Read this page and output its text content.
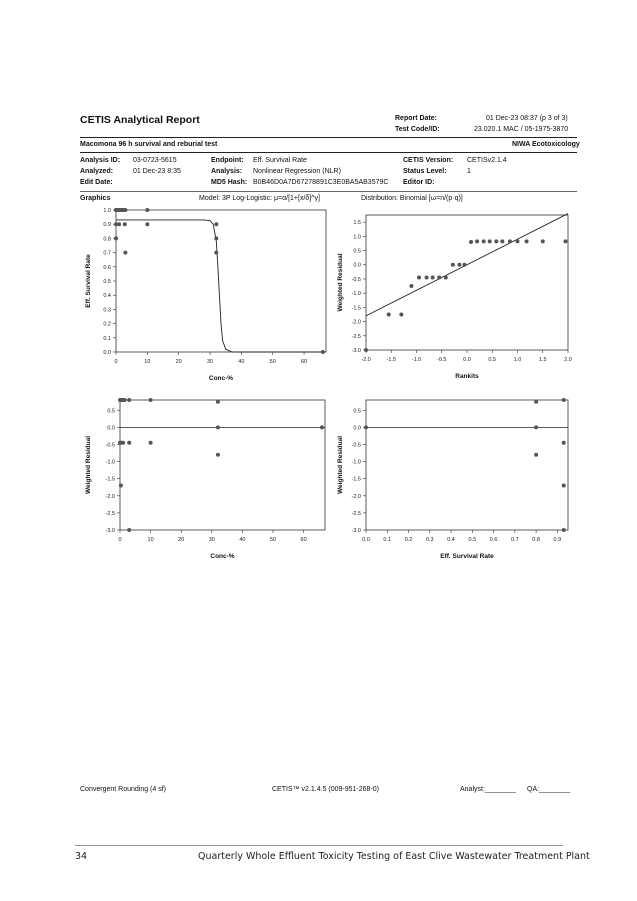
CETIS Analytical Report	Report Date:	01 Dec-23 08:37 (p 3 of 3)
Test Code/ID:	23.020.1 MAC / 05-1975-3870
Macomona 96 h survival and reburial test	NIWA Ecotoxicology
Analysis ID: 03-0723-5615
Analyzed:	01 Dec-23 8:35
Edit Date:
Endpoint: Eff. Survival Rate
Analysis: Nonlinear Regression (NLR)
MD5 Hash: B0B46D0A7D67278891C3E0BA5AB3579C
CETIS Version: CETISv2.1.4
Status Level:	1
Editor ID:
Graphics	Model: 3P Log-Logistic: μ=α/[1+[x/δ]^γ]	Distribution: Binomial [ω=n/(p·q)]
0.0
0.1
0.2
0.3
0.4
0.5
0.6
0.7
0.8
0.9
1.0
0	10	20	30	40	50	60
Conc-%
Eff. Survival Rate
-3.0
-2.5
-2.0
-1.5
-1.0
-0.5
0.0
0.5
1.0
1.5
-2.0	-1.5	-1.0	-0.5	0.0	0.5	1.0	1.5	2.0
Rankits
Weighted Residual
-3.0
-2.5
-2.0
-1.5
-1.0
-0.5
0.0
0.5
0	10	20	30	40	50	60
Conc-%
Weighted Residual
-3.0
-2.5
-2.0
-1.5
-1.0
-0.5
0.0
0.5
0.0 0.1 0.2 0.3 0.4 0.5 0.6 0.7 0.8 0.9
Eff. Survival Rate
Weighted Residual
Convergent Rounding (4 sf)	CETIS™ v2.1.4.5 (009-951-268-0)	Analyst:________ QA:________
34	Quarterly Whole Effluent Toxicity Testing of East Clive Wastewater Treatment Plant
